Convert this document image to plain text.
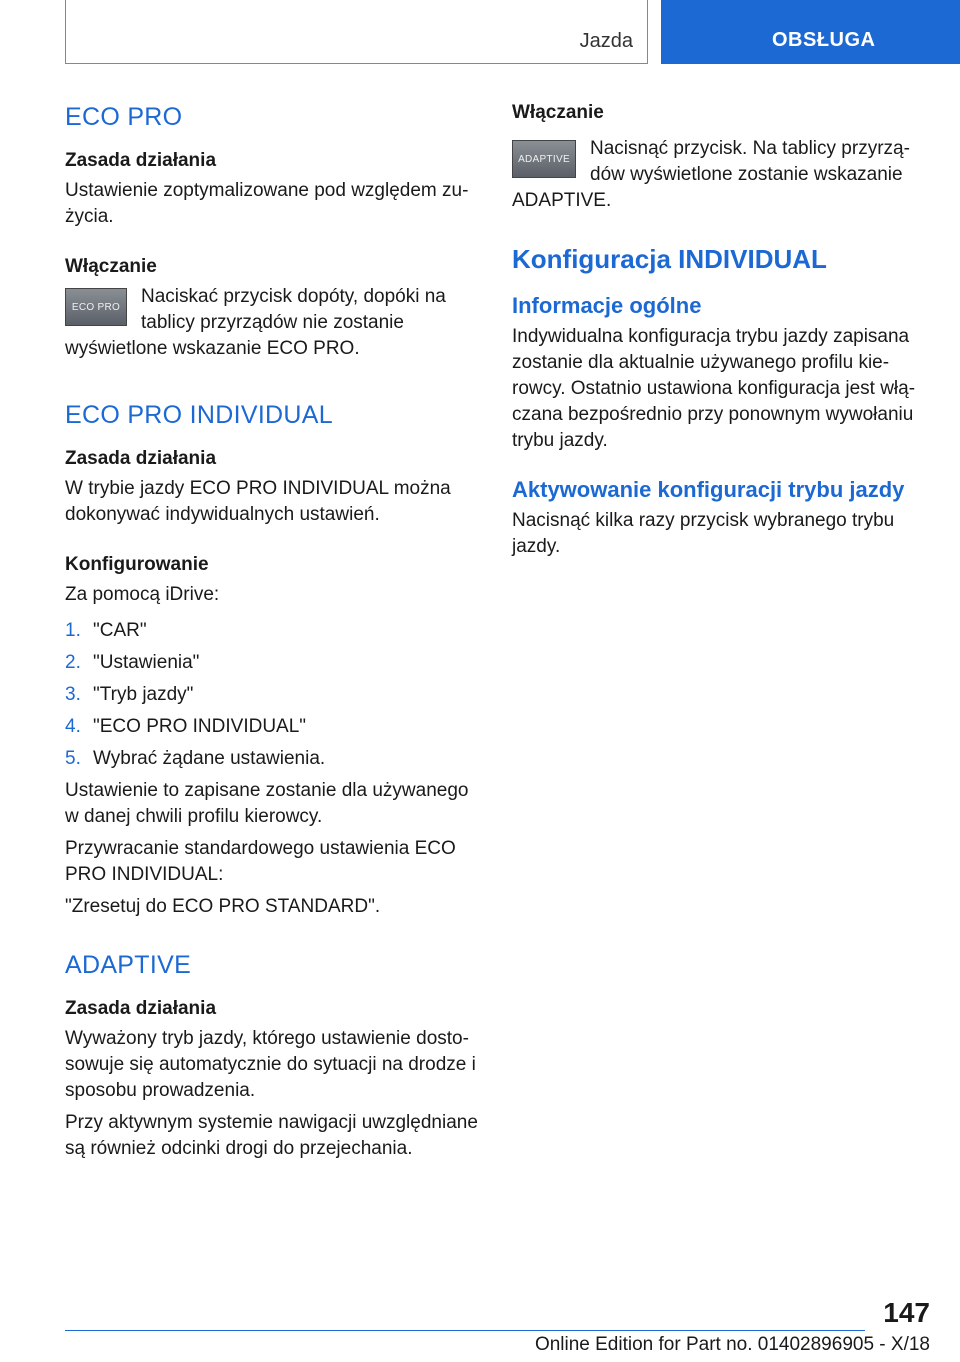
Jazda	OBSŁUGA
ECO PRO
Zasada działania

Ustawienie zoptymalizowane pod względem zużycia.

Włączanie
ECO PRO	Naciskać przycisk dopóty, dopóki na tablicy przyrządów nie zostanie wyświetlone wskazanie ECO PRO.

ECO PRO INDIVIDUAL
Zasada działania

W trybie jazdy ECO PRO INDIVIDUAL można dokonywać indywidualnych ustawień.

Konfigurowanie

Za pomocą iDrive:

1. "CAR"
2. "Ustawienia"
3. "Tryb jazdy"
4. "ECO PRO INDIVIDUAL"
5. Wybrać żądane ustawienia.

Ustawienie to zapisane zostanie dla używanego w danej chwili profilu kierowcy.

Przywracanie standardowego ustawienia ECO PRO INDIVIDUAL:

"Zresetuj do ECO PRO STANDARD".

ADAPTIVE
Zasada działania

Wyważony tryb jazdy, którego ustawienie dostosowuje się automatycznie do sytuacji na drodze i sposobu prowadzenia.

Przy aktywnym systemie nawigacji uwzględniane są również odcinki drogi do przejechania.

Włączanie
ADAPTIVE	Nacisnąć przycisk. Na tablicy przyrządów wyświetlone zostanie wskazanie ADAPTIVE.

Konfiguracja INDIVIDUAL
Informacje ogólne

Indywidualna konfiguracja trybu jazdy zapisana zostanie dla aktualnie używanego profilu kierowcy. Ostatnio ustawiona konfiguracja jest włączana bezpośrednio przy ponownym wywołaniu trybu jazdy.

Aktywowanie konfiguracji trybu jazdy

Nacisnąć kilka razy przycisk wybranego trybu jazdy.

147
Online Edition for Part no. 01402896905 - X/18
